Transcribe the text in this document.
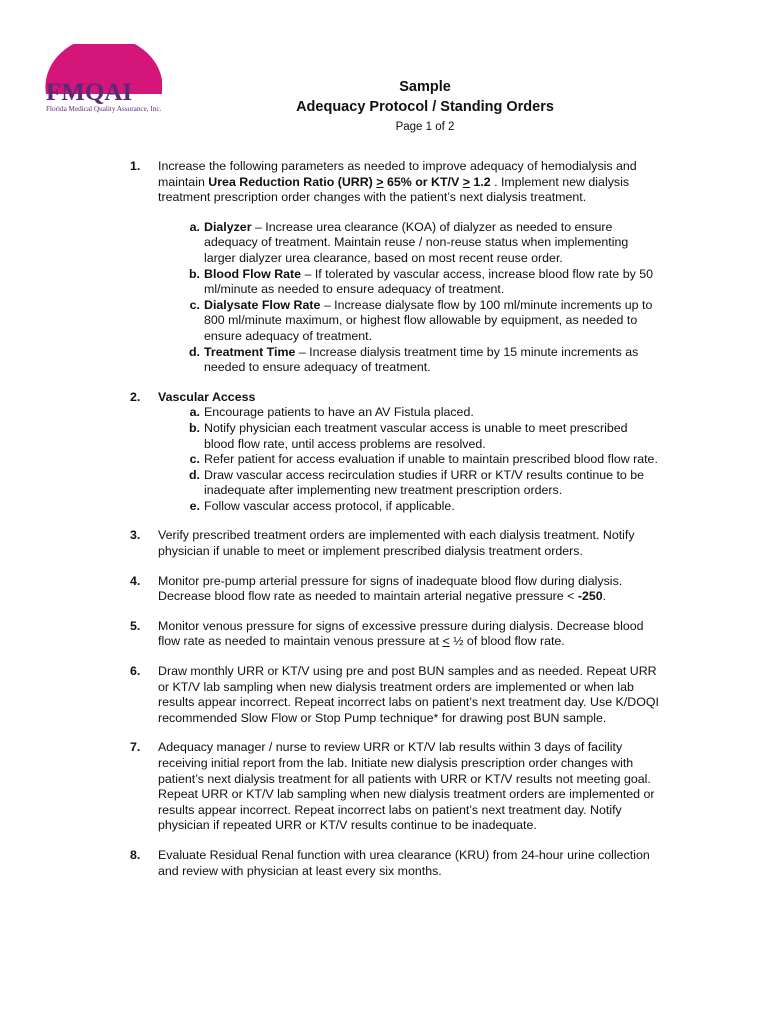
FMQAI
Florida Medical Quality Assurance, Inc.
Sample
Adequacy Protocol / Standing Orders
Page 1 of 2
1. Increase the following parameters as needed to improve adequacy of hemodialysis and maintain Urea Reduction Ratio (URR) ≥ 65% or KT/V ≥ 1.2 . Implement new dialysis treatment prescription order changes with the patient’s next dialysis treatment.
a. Dialyzer – Increase urea clearance (KOA) of dialyzer as needed to ensure adequacy of treatment. Maintain reuse / non-reuse status when implementing larger dialyzer urea clearance, based on most recent reuse order.
b. Blood Flow Rate – If tolerated by vascular access, increase blood flow rate by 50 ml/minute as needed to ensure adequacy of treatment.
c. Dialysate Flow Rate – Increase dialysate flow by 100 ml/minute increments up to 800 ml/minute maximum, or highest flow allowable by equipment, as needed to ensure adequacy of treatment.
d. Treatment Time – Increase dialysis treatment time by 15 minute increments as needed to ensure adequacy of treatment.
2. Vascular Access
a. Encourage patients to have an AV Fistula placed.
b. Notify physician each treatment vascular access is unable to meet prescribed blood flow rate, until access problems are resolved.
c. Refer patient for access evaluation if unable to maintain prescribed blood flow rate.
d. Draw vascular access recirculation studies if URR or KT/V results continue to be inadequate after implementing new treatment prescription orders.
e. Follow vascular access protocol, if applicable.
3. Verify prescribed treatment orders are implemented with each dialysis treatment. Notify physician if unable to meet or implement prescribed dialysis treatment orders.
4. Monitor pre-pump arterial pressure for signs of inadequate blood flow during dialysis. Decrease blood flow rate as needed to maintain arterial negative pressure < -250.
5. Monitor venous pressure for signs of excessive pressure during dialysis. Decrease blood flow rate as needed to maintain venous pressure at ≤ ½ of blood flow rate.
6. Draw monthly URR or KT/V using pre and post BUN samples and as needed. Repeat URR or KT/V lab sampling when new dialysis treatment orders are implemented or when lab results appear incorrect. Repeat incorrect labs on patient’s next treatment day. Use K/DOQI recommended Slow Flow or Stop Pump technique* for drawing post BUN sample.
7. Adequacy manager / nurse to review URR or KT/V lab results within 3 days of facility receiving initial report from the lab. Initiate new dialysis prescription order changes with patient’s next dialysis treatment for all patients with URR or KT/V results not meeting goal. Repeat URR or KT/V lab sampling when new dialysis treatment orders are implemented or results appear incorrect. Repeat incorrect labs on patient’s next treatment day. Notify physician if repeated URR or KT/V results continue to be inadequate.
8. Evaluate Residual Renal function with urea clearance (KRU) from 24-hour urine collection and review with physician at least every six months.
